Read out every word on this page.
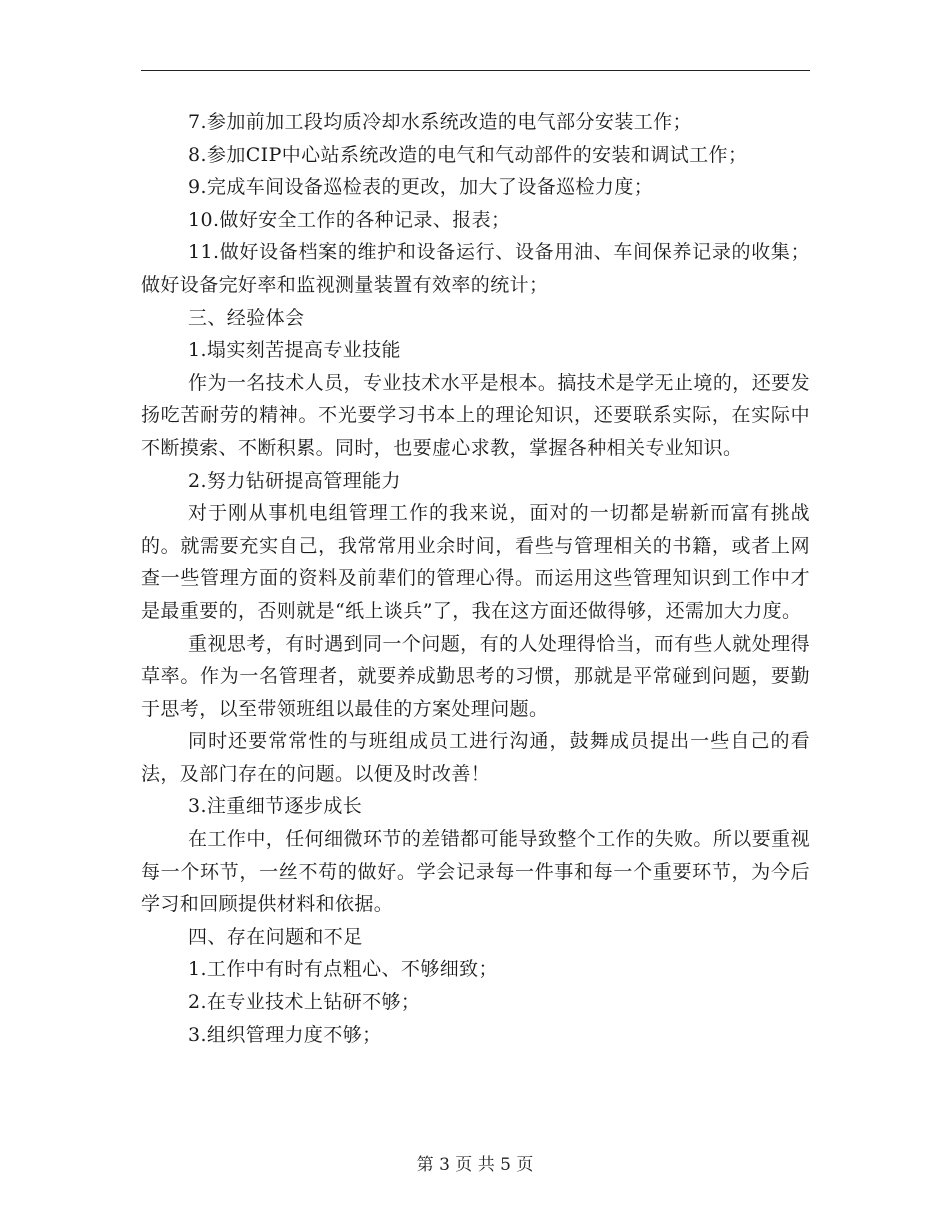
7.参加前加工段均质冷却水系统改造的电气部分安装工作；

8.参加CIP中心站系统改造的电气和气动部件的安装和调试工作；

9.完成车间设备巡检表的更改，加大了设备巡检力度；

10.做好安全工作的各种记录、报表；

11.做好设备档案的维护和设备运行、设备用油、车间保养记录的收集；做好设备完好率和监视测量装置有效率的统计；

三、经验体会

1.塌实刻苦提高专业技能

作为一名技术人员，专业技术水平是根本。搞技术是学无止境的，还要发扬吃苦耐劳的精神。不光要学习书本上的理论知识，还要联系实际，在实际中不断摸索、不断积累。同时，也要虚心求教，掌握各种相关专业知识。

2.努力钻研提高管理能力

对于刚从事机电组管理工作的我来说，面对的一切都是崭新而富有挑战的。就需要充实自己，我常常用业余时间，看些与管理相关的书籍，或者上网查一些管理方面的资料及前辈们的管理心得。而运用这些管理知识到工作中才是最重要的，否则就是“纸上谈兵”了，我在这方面还做得够，还需加大力度。

重视思考，有时遇到同一个问题，有的人处理得恰当，而有些人就处理得草率。作为一名管理者，就要养成勤思考的习惯，那就是平常碰到问题，要勤于思考，以至带领班组以最佳的方案处理问题。

同时还要常常性的与班组成员工进行沟通，鼓舞成员提出一些自己的看法，及部门存在的问题。以便及时改善！

3.注重细节逐步成长

在工作中，任何细微环节的差错都可能导致整个工作的失败。所以要重视每一个环节，一丝不苟的做好。学会记录每一件事和每一个重要环节，为今后学习和回顾提供材料和依据。

四、存在问题和不足

1.工作中有时有点粗心、不够细致；

2.在专业技术上钻研不够；

3.组织管理力度不够；

第 3 页 共 5 页
